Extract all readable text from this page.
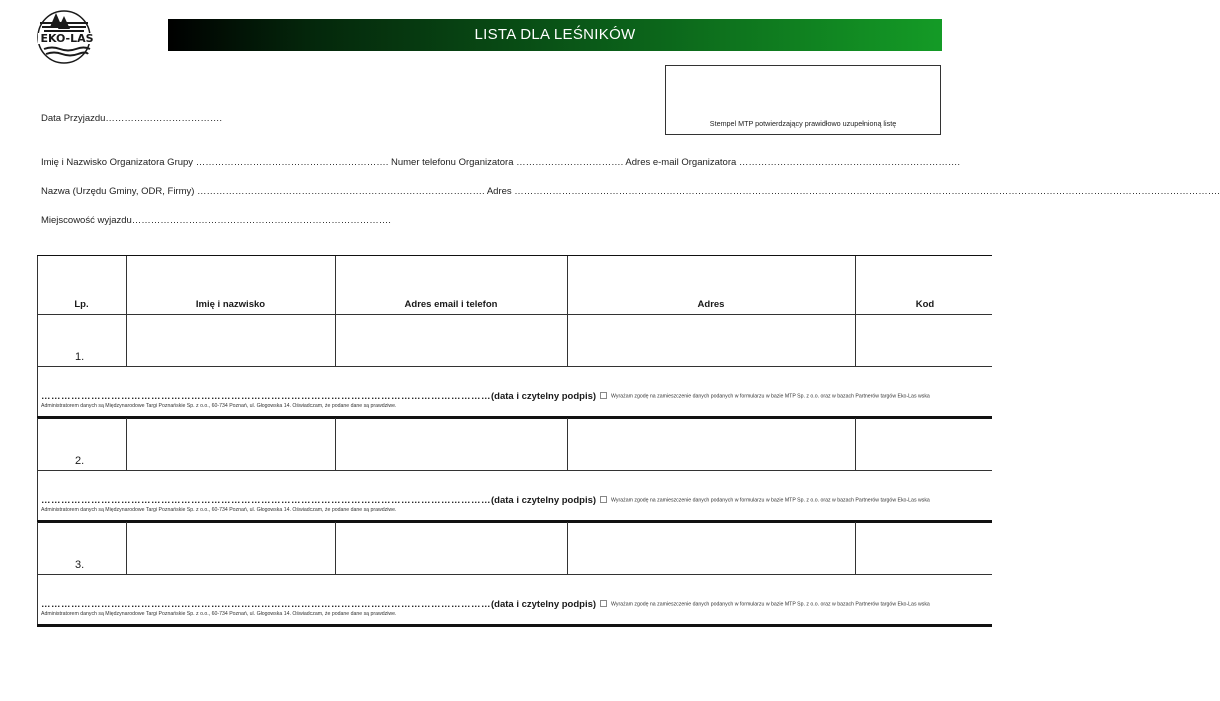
EKO-LAS	LISTA DLA LEŚNIKÓW
Stempel MTP potwierdzający prawidłowo uzupełnioną listę
Data Przyjazdu……………………………….
Imię i Nazwisko Organizatora Grupy ……………………………………………………. Numer telefonu Organizatora ……………………………. Adres e-mail Organizatora …………………………………………………………….
Nazwa (Urzędu Gminy, ODR, Firmy) ………………………………………………………………………………. Adres …………………………………………………………………………………………………………………………………………………………………………………………………….
Miejscowość wyjazdu……………………………………………………………………….
Lp.	Imię i nazwisko	Adres email i telefon	Adres	Kod
1.
………………………………………………………………………………………………………………………(data i czytelny podpis)	Wyrażam zgodę na zamieszczenie danych podanych w formularzu w bazie MTP Sp. z o.o. oraz w bazach Partnerów targów Eko-Las wska
Administratorem danych są Międzynarodowe Targi Poznańskie Sp. z o.o., 60-734 Poznań, ul. Głogowska 14. Oświadczam, że podane dane są prawdziwe.
2.
………………………………………………………………………………………………………………………(data i czytelny podpis)	Wyrażam zgodę na zamieszczenie danych podanych w formularzu w bazie MTP Sp. z o.o. oraz w bazach Partnerów targów Eko-Las wska
Administratorem danych są Międzynarodowe Targi Poznańskie Sp. z o.o., 60-734 Poznań, ul. Głogowska 14. Oświadczam, że podane dane są prawdziwe.
3.
………………………………………………………………………………………………………………………(data i czytelny podpis)	Wyrażam zgodę na zamieszczenie danych podanych w formularzu w bazie MTP Sp. z o.o. oraz w bazach Partnerów targów Eko-Las wska
Administratorem danych są Międzynarodowe Targi Poznańskie Sp. z o.o., 60-734 Poznań, ul. Głogowska 14. Oświadczam, że podane dane są prawdziwe.
